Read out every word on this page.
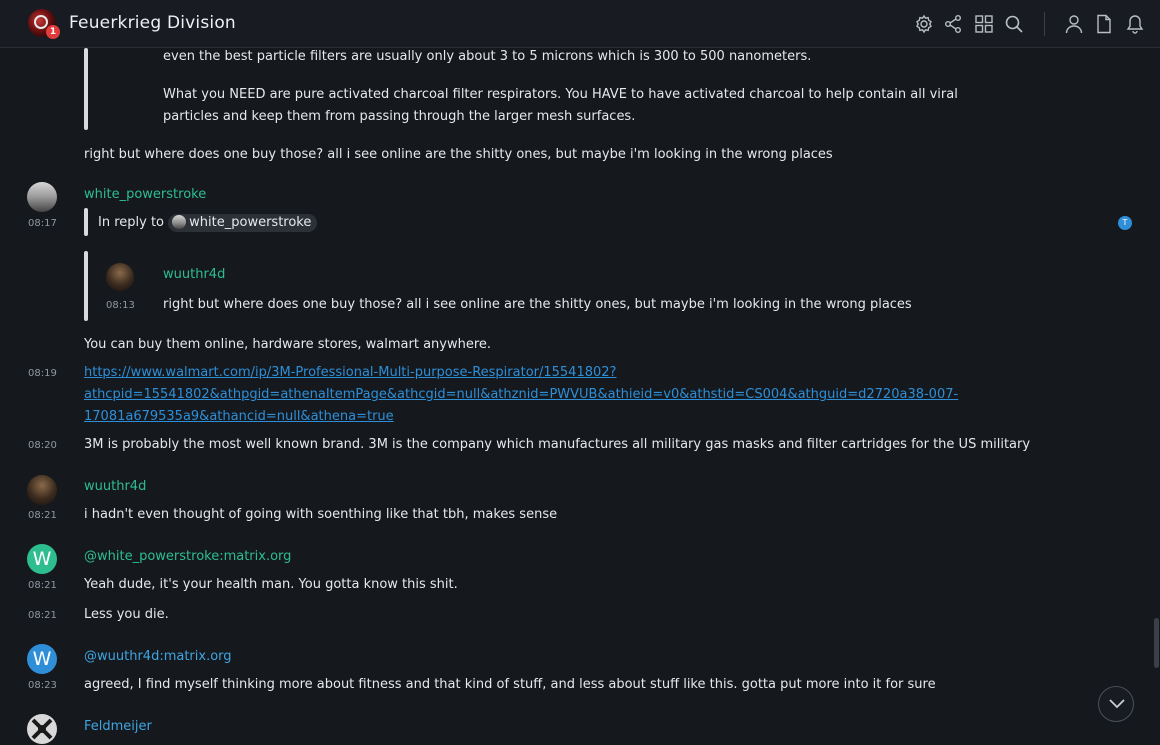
1 Feuerkrieg Division
even the best particle filters are usually only about 3 to 5 microns which is 300 to 500 nanometers.
What you NEED are pure activated charcoal filter respirators. You HAVE to have activated charcoal to help contain all viral
particles and keep them from passing through the larger mesh surfaces.
right but where does one buy those? all i see online are the shitty ones, but maybe i'm looking in the wrong places
white_powerstroke
08:17	In reply to white_powerstroke	T
wuuthr4d
08:13 right but where does one buy those? all i see online are the shitty ones, but maybe i'm looking in the wrong places
You can buy them online, hardware stores, walmart anywhere.
08:19 https://www.walmart.com/ip/3M-Professional-Multi-purpose-Respirator/15541802?
athcpid=15541802&athpgid=athenaItemPage&athcgid=null&athznid=PWVUB&athieid=v0&athstid=CS004&athguid=d2720a38-007-
17081a679535a9&athancid=null&athena=true
08:20 3M is probably the most well known brand. 3M is the company which manufactures all military gas masks and filter cartridges for the US military
wuuthr4d
08:21 i hadn't even thought of going with soenthing like that tbh, makes sense
W	@white_powerstroke:matrix.org
08:21 Yeah dude, it's your health man. You gotta know this shit.
08:21 Less you die.
W	@wuuthr4d:matrix.org
08:23 agreed, I find myself thinking more about fitness and that kind of stuff, and less about stuff like this. gotta put more into it for sure
Feldmeijer
